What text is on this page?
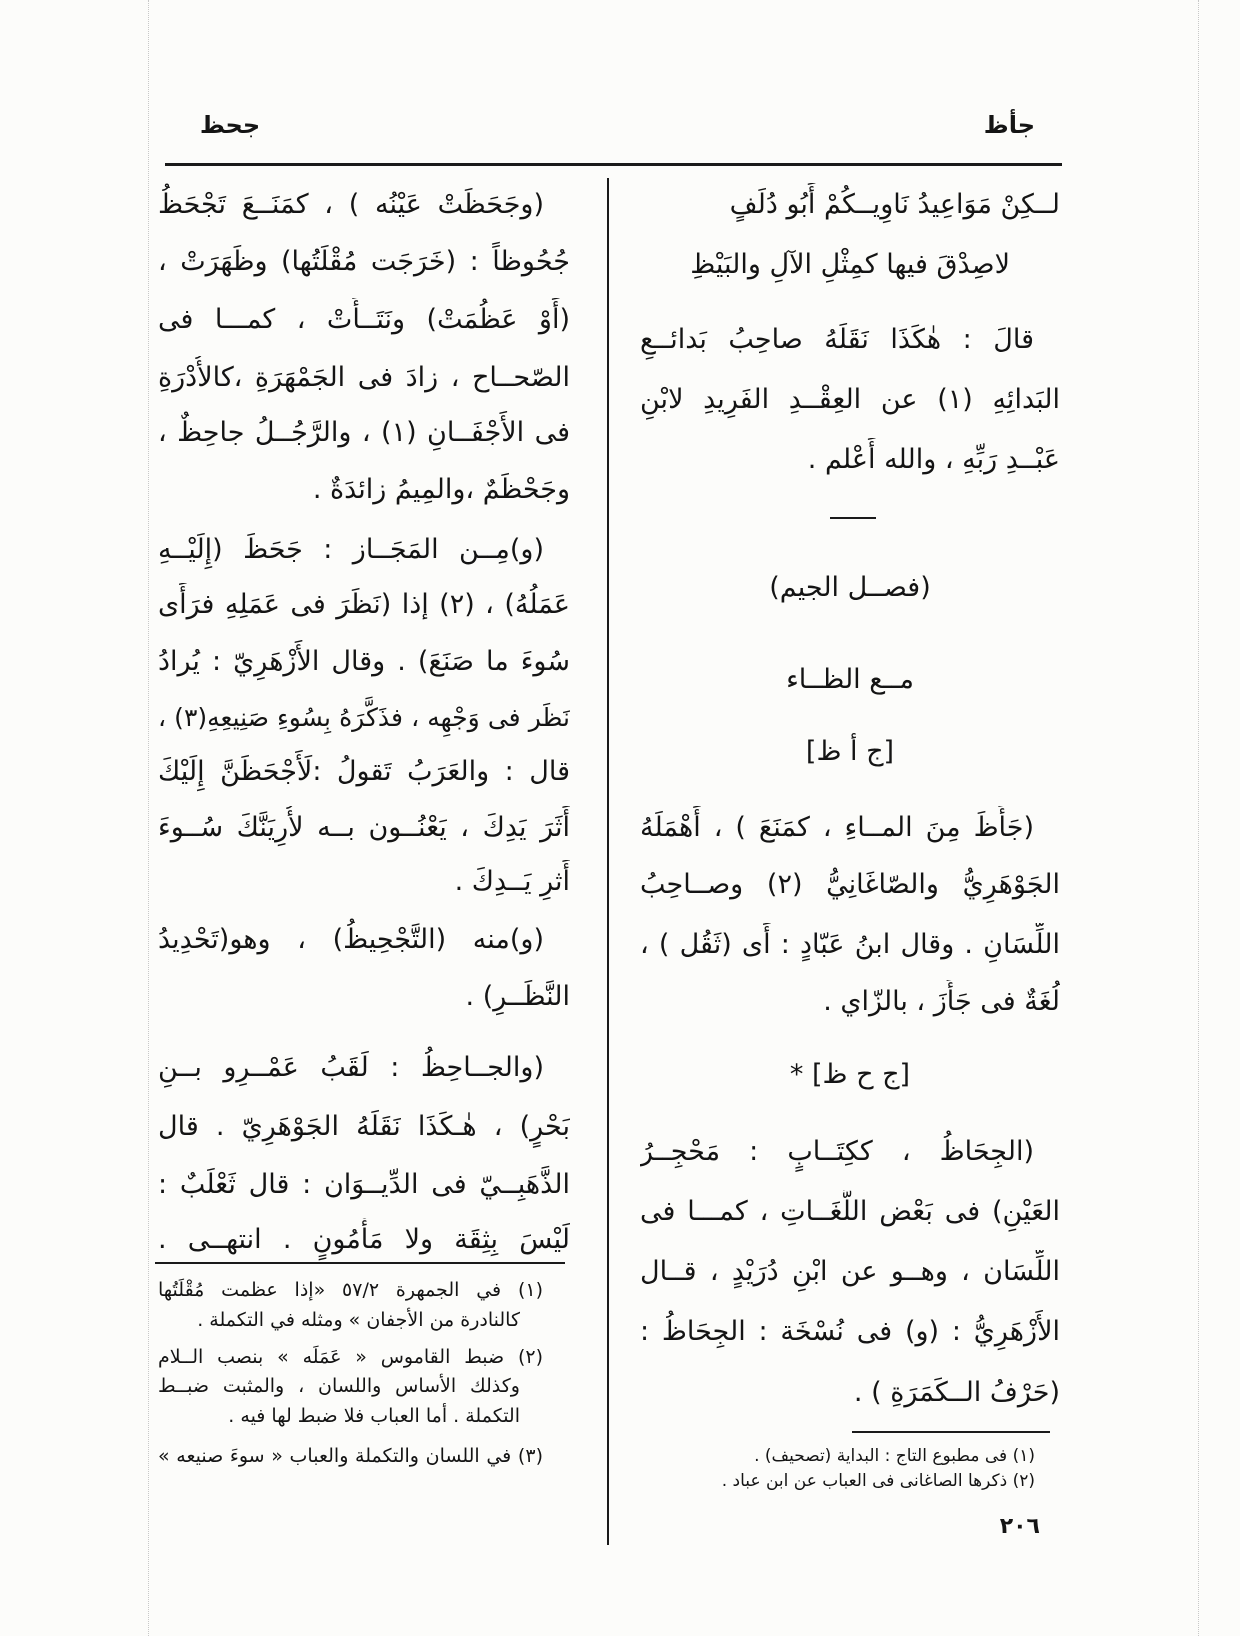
جأظ
جحظ
لــكِنْ مَوَاعِيدُ نَاوِيــكُمْ أَبُو دُلَفٍ
لاصِدْقَ فيها كمِثْلِ الآلِ والبَيْظِ
قالَ : هٰكَذَا نَقَلَهُ صاحِبُ بَدائــعِ
البَدائِهِ (١) عن العِقْــدِ الفَرِيدِ لابْنِ
عَبْــدِ رَبِّهِ ، والله أَعْلم .
(فصــل الجيم)
مــع الظــاء
[ج أ ظ]
(جَأَظَ مِنَ المــاءِ ، كمَنَعَ ) ، أَهْمَلَهُ
الجَوْهَرِيُّ والصّاغَانِيُّ (٢) وصــاحِبُ
اللِّسَانِ . وقال ابنُ عَبّادٍ : أَى (ثَقُل ) ،
لُغَةٌ فى جَأَزَ ، بالزّاي .
[ج ح ظ] *
(الجِحَاظُ ، ككِتَــابٍ : مَحْجِــرُ
العَيْنِ) فى بَعْض اللُّغَــاتِ ، كمـــا فى
اللِّسَان ، وهــو عن ابْنِ دُرَيْدٍ ، قــال
الأَزْهَرِيُّ : (و) فى نُسْخَة : الجِحَاظُ :
(حَرْفُ الــكَمَرَةِ ) .
(١) فى مطبوع التاج : البداية (تصحيف) .
(٢) ذكرها الصاغانى فى العباب عن ابن عباد .
(وجَحَظَتْ عَيْنُه ) ، كمَنَــعَ تَجْحَظُ
جُحُوظاً : (خَرَجَت مُقْلَتُها) وظَهَرَتْ ،
(أَوْ عَظُمَتْ) ونَتَــأَتْ ، كمـــا فى
الصّحــاح ، زادَ فى الجَمْهَرَةِ ،كالأُدْرَةِ
فى الأَجْفَــانِ (١) ، والرَّجُــلُ جاحِظٌ ،
وجَحْظَمٌ ،والمِيمُ زائدَةٌ .
(و)مِــن المَجَــاز : جَحَظَ (إِلَيْــهِ
عَمَلُهُ) ، (٢) إذا (نَظَرَ فى عَمَلِهِ فرَأَى
سُوءَ ما صَنَعَ) . وقال الأَزْهَرِيّ : يُرادُ
نَظَر فى وَجْهِه ، فذَكَّرَهُ بِسُوءِ صَنِيعِهِ(٣) ،
قال : والعَرَبُ تَقولُ :لَأَجْحَظَنَّ إِلَيْكَ
أَثَرَ يَدِكَ ، يَعْنُــون بــه لأُرِيَنَّكَ سُــوءَ
أَثرِ يَــدِكَ .
(و)منه (التَّجْحِيظُ) ، وهو(تَحْدِيدُ
النَّظَــرِ) .
(والجــاحِظُ : لَقَبُ عَمْــرِو بــنِ
بَحْرٍ) ، هٰـكَذَا نَقَلَهُ الجَوْهَرِيّ . قال
الذَّهَبِــيّ فى الدِّيــوَان : قال ثَعْلَبٌ :
لَيْسَ بِثِقَة ولا مَأْمُونٍ . انتهــى .
(١) في الجمهرة ٥٧/٢ «إذا عظمت مُقْلَتُها
كالنادرة من الأجفان » ومثله في التكملة .
(٢) ضبط القاموس « عَمَلَه » بنصب الــلام
وكذلك الأساس واللسان ، والمثبت ضبــط
التكملة . أما العباب فلا ضبط لها فيه .
(٣) في اللسان والتكملة والعباب « سوءَ صنيعه »
٢٠٦
